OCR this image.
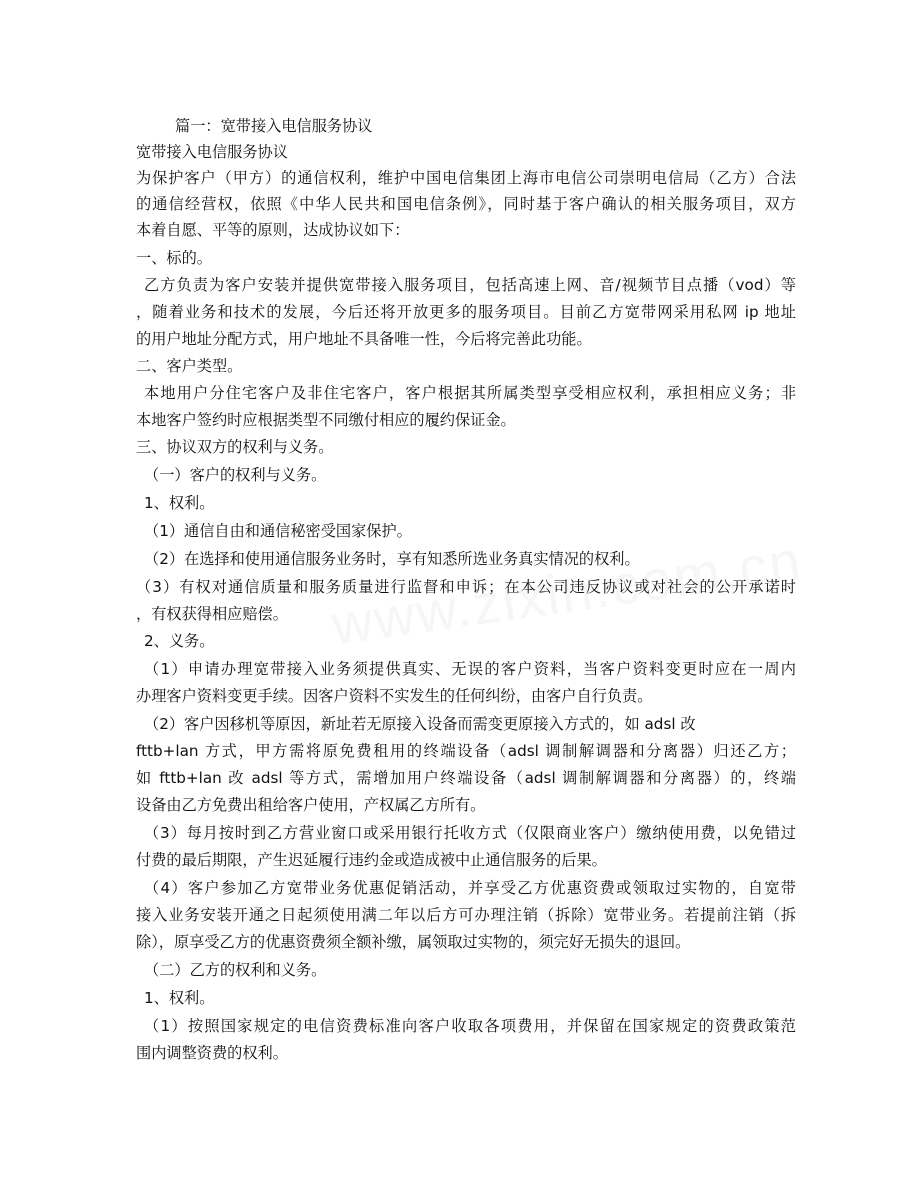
篇一：宽带接入电信服务协议
宽带接入电信服务协议
为保护客户（甲方）的通信权利，维护中国电信集团上海市电信公司崇明电信局（乙方）合法
的通信经营权，依照《中华人民共和国电信条例》，同时基于客户确认的相关服务项目，双方
本着自愿、平等的原则，达成协议如下：
一、标的。
乙方负责为客户安装并提供宽带接入服务项目，包括高速上网、音/视频节目点播（vod）等
，随着业务和技术的发展，今后还将开放更多的服务项目。目前乙方宽带网采用私网 ip 地址
的用户地址分配方式，用户地址不具备唯一性，今后将完善此功能。
二、客户类型。
本地用户分住宅客户及非住宅客户，客户根据其所属类型享受相应权利，承担相应义务；非
本地客户签约时应根据类型不同缴付相应的履约保证金。
三、协议双方的权利与义务。
（一）客户的权利与义务。
1、权利。
（1）通信自由和通信秘密受国家保护。
（2）在选择和使用通信服务业务时，享有知悉所选业务真实情况的权利。
（3）有权对通信质量和服务质量进行监督和申诉；在本公司违反协议或对社会的公开承诺时
，有权获得相应赔偿。
2、义务。
（1）申请办理宽带接入业务须提供真实、无误的客户资料，当客户资料变更时应在一周内
办理客户资料变更手续。因客户资料不实发生的任何纠纷，由客户自行负责。
（2）客户因移机等原因，新址若无原接入设备而需变更原接入方式的，如 adsl 改
fttb+lan 方式，甲方需将原免费租用的终端设备（adsl 调制解调器和分离器）归还乙方；
如 fttb+lan 改 adsl 等方式，需增加用户终端设备（adsl 调制解调器和分离器）的，终端
设备由乙方免费出租给客户使用，产权属乙方所有。
（3）每月按时到乙方营业窗口或采用银行托收方式（仅限商业客户）缴纳使用费，以免错过
付费的最后期限，产生迟延履行违约金或造成被中止通信服务的后果。
（4）客户参加乙方宽带业务优惠促销活动，并享受乙方优惠资费或领取过实物的，自宽带
接入业务安装开通之日起须使用满二年以后方可办理注销（拆除）宽带业务。若提前注销（拆
除），原享受乙方的优惠资费须全额补缴，属领取过实物的，须完好无损失的退回。
（二）乙方的权利和义务。
1、权利。
（1）按照国家规定的电信资费标准向客户收取各项费用，并保留在国家规定的资费政策范
围内调整资费的权利。
